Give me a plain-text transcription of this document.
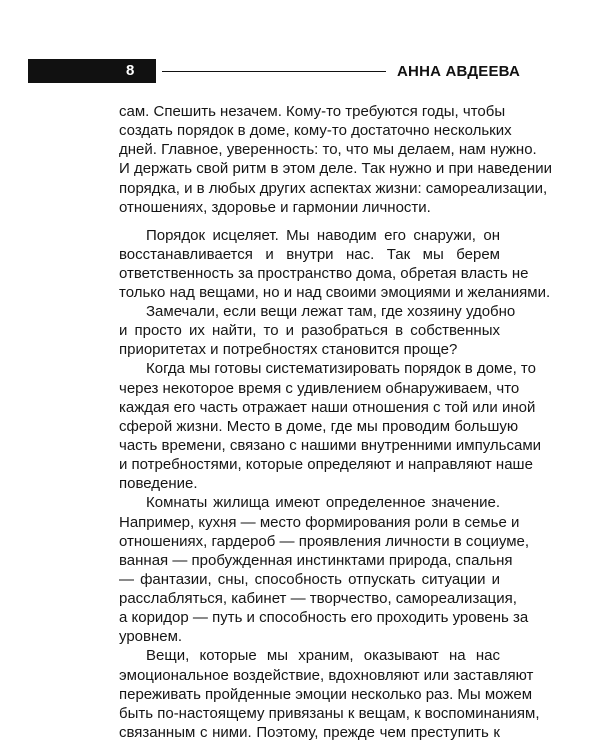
8	АННА АВДЕЕВА
сам. Спешить незачем. Кому-то требуются годы, чтобы
создать порядок в доме, кому-то достаточно нескольких
дней. Главное, уверенность: то, что мы делаем, нам нужно.
И держать свой ритм в этом деле. Так нужно и при наведении
порядка, и в любых других аспектах жизни: самореализации,
отношениях, здоровье и гармонии личности.
Порядок исцеляет. Мы наводим его снаружи, он
восстанавливается и внутри нас. Так мы берем
ответственность за пространство дома, обретая власть не
только над вещами, но и над своими эмоциями и желаниями.
Замечали, если вещи лежат там, где хозяину удобно
и просто их найти, то и разобраться в собственных
приоритетах и потребностях становится проще?
Когда мы готовы систематизировать порядок в доме, то
через некоторое время с удивлением обнаруживаем, что
каждая его часть отражает наши отношения с той или иной
сферой жизни. Место в доме, где мы проводим большую
часть времени, связано с нашими внутренними импульсами
и потребностями, которые определяют и направляют наше
поведение.
Комнаты жилища имеют определенное значение.
Например, кухня — место формирования роли в семье и
отношениях, гардероб — проявления личности в социуме,
ванная — пробужденная инстинктами природа, спальня
— фантазии, сны, способность отпускать ситуации и
расслабляться, кабинет — творчество, самореализация,
а коридор — путь и способность его проходить уровень за
уровнем.
Вещи, которые мы храним, оказывают на нас
эмоциональное воздействие, вдохновляют или заставляют
переживать пройденные эмоции несколько раз. Мы можем
быть по-настоящему привязаны к вещам, к воспоминаниям,
связанным с ними. Поэтому, прежде чем преступить к
